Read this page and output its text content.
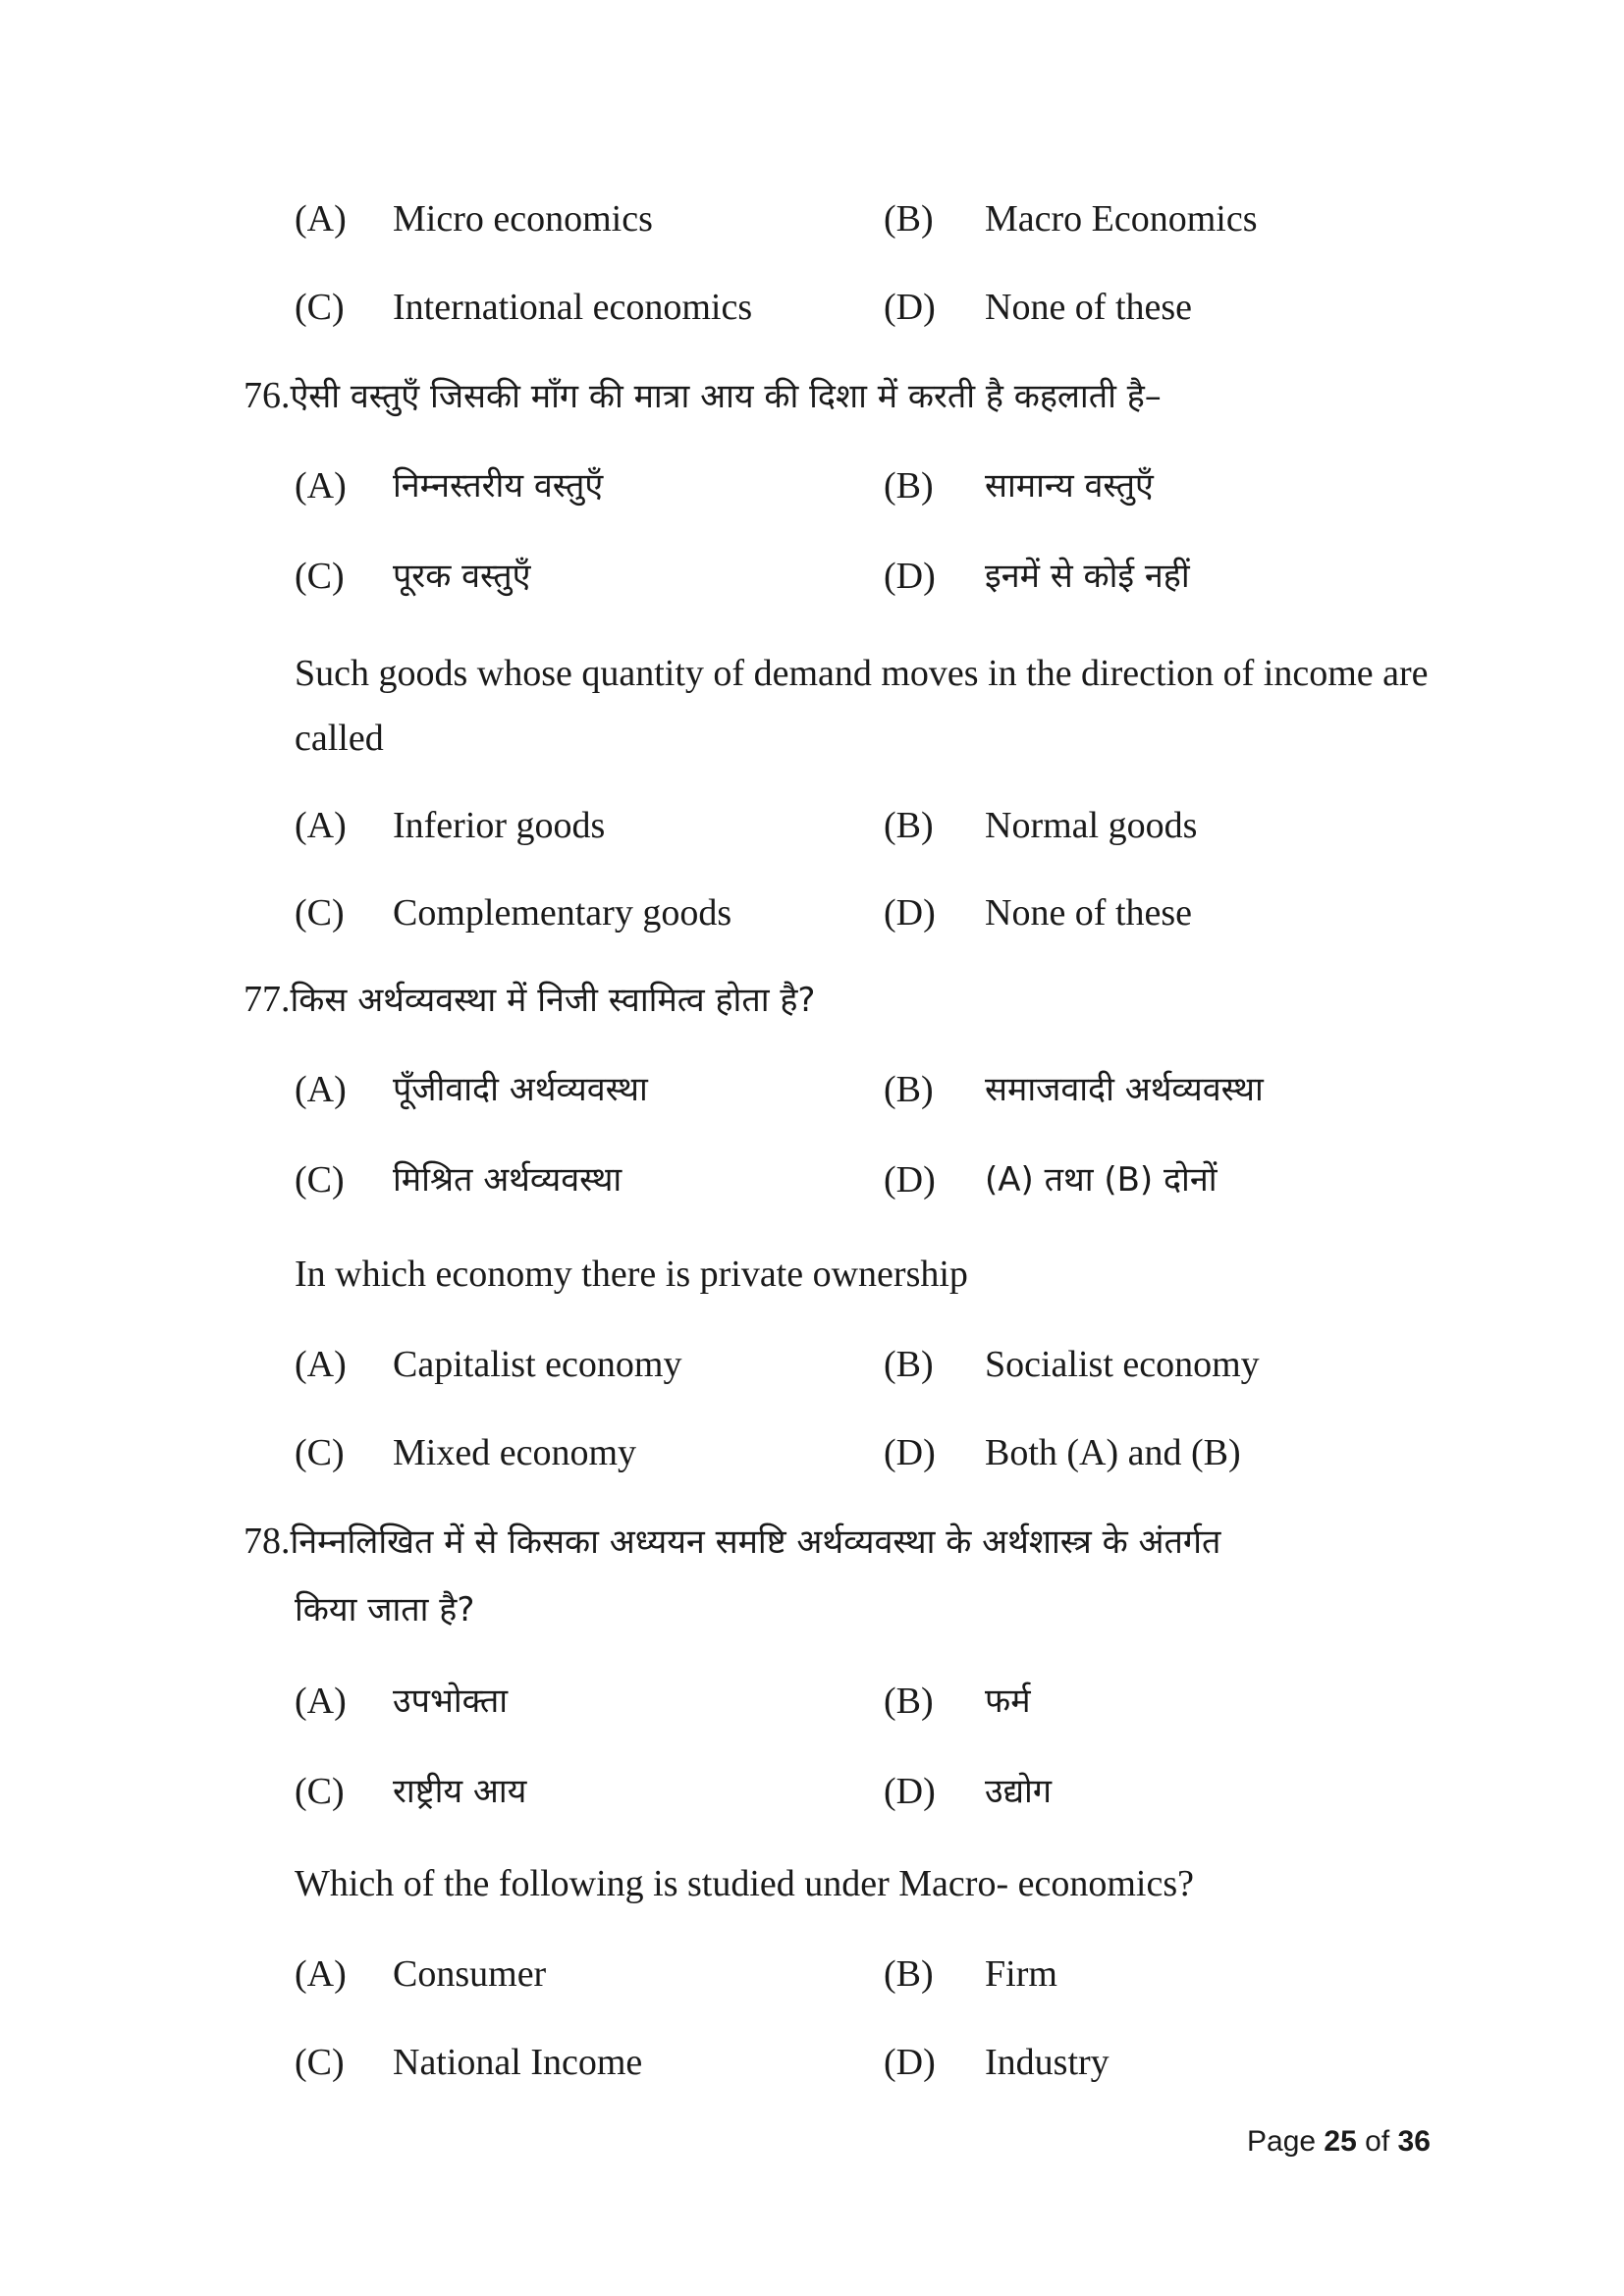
(A) Micro economics	(B) Macro Economics
(C) International economics	(D) None of these
76.ऐसी वस्तुएँ जिसकी माँग की मात्रा आय की दिशा में करती है कहलाती है–
(A) निम्नस्तरीय वस्तुएँ	(B) सामान्य वस्तुएँ
(C) पूरक वस्तुएँ	(D) इनमें से कोई नहीं
Such goods whose quantity of demand moves in the direction of income are called
(A) Inferior goods	(B) Normal goods
(C) Complementary goods	(D) None of these
77.किस अर्थव्यवस्था में निजी स्वामित्व होता है?
(A) पूँजीवादी अर्थव्यवस्था	(B) समाजवादी अर्थव्यवस्था
(C) मिश्रित अर्थव्यवस्था	(D) (A) तथा (B) दोनों
In which economy there is private ownership
(A) Capitalist economy	(B) Socialist economy
(C) Mixed economy	(D) Both (A) and (B)
78.निम्नलिखित में से किसका अध्ययन समष्टि अर्थव्यवस्था के अर्थशास्त्र के अंतर्गत
किया जाता है?
(A) उपभोक्ता	(B) फर्म
(C) राष्ट्रीय आय	(D) उद्योग
Which of the following is studied under Macro- economics?
(A) Consumer	(B) Firm
(C) National Income	(D) Industry
Page 25 of 36
